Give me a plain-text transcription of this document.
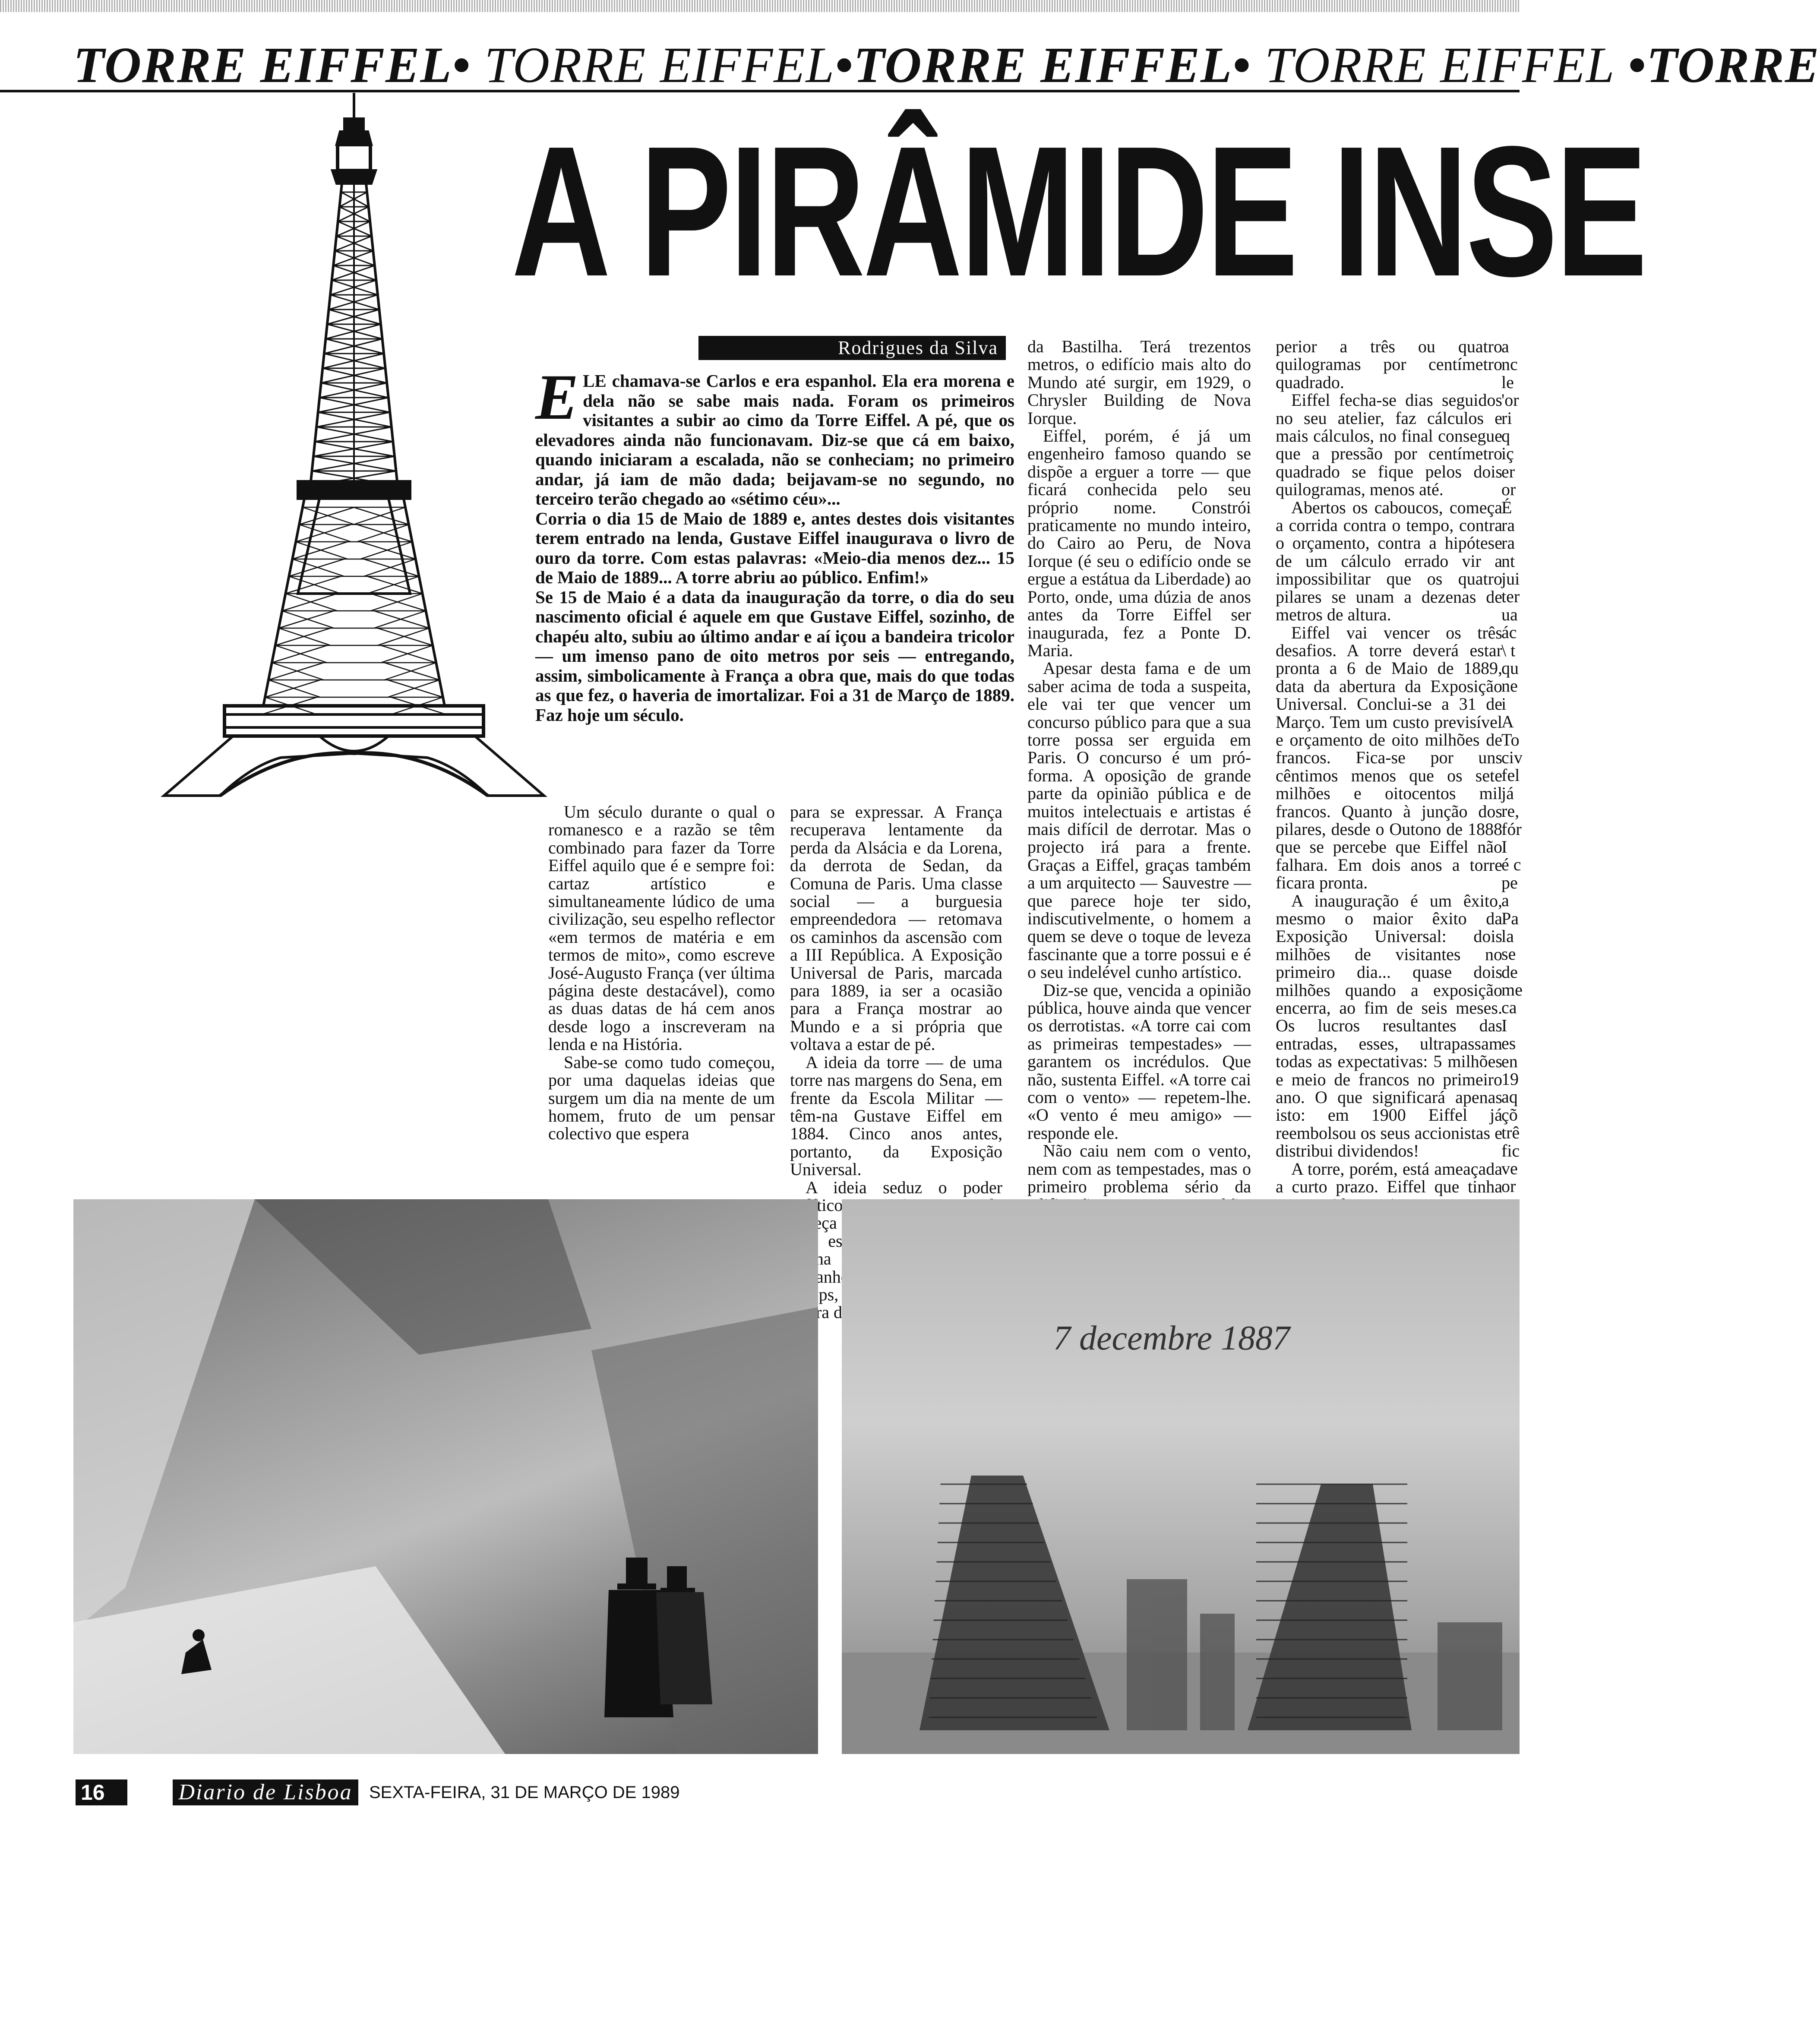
TORRE EIFFEL• TORRE EIFFEL•TORRE EIFFEL• TORRE EIFFEL •TORRE
A PIRÂMIDE INSE
Rodrigues da Silva
E LE chamava-se Carlos e era espanhol. Ela era morena e dela não se sabe mais nada. Foram os primeiros visitantes a subir ao cimo da Torre Eiffel. A pé, que os elevadores ainda não funcionavam. Diz-se que cá em baixo, quando iniciaram a escalada, não se conheciam; no primeiro andar, já iam de mão dada; beijavam-se no segundo, no terceiro terão chegado ao «sétimo céu»...

Corria o dia 15 de Maio de 1889 e, antes destes dois visitantes terem entrado na lenda, Gustave Eiffel inaugurava o livro de ouro da torre. Com estas palavras: «Meio-dia menos dez... 15 de Maio de 1889... A torre abriu ao público. Enfim!»

Se 15 de Maio é a data da inauguração da torre, o dia do seu nascimento oficial é aquele em que Gustave Eiffel, sozinho, de chapéu alto, subiu ao último andar e aí içou a bandeira tricolor — um imenso pano de oito metros por seis — entregando, assim, simbolicamente à França a obra que, mais do que todas as que fez, o haveria de imortalizar. Foi a 31 de Março de 1889. Faz hoje um século.

Um século durante o qual o romanesco e a razão se têm combinado para fazer da Torre Eiffel aquilo que é e sempre foi: cartaz artístico e simultaneamente lúdico de uma civilização, seu espelho reflector «em termos de matéria e em termos de mito», como escreve José-Augusto França (ver última página deste destacável), como as duas datas de há cem anos desde logo a inscreveram na lenda e na História.

Sabe-se como tudo começou, por uma daquelas ideias que surgem um dia na mente de um homem, fruto de um pensar colectivo que espera

para se expressar. A França recuperava lentamente da perda da Alsácia e da Lorena, da derrota de Sedan, da Comuna de Paris. Uma classe social — a burguesia empreendedora — retomava os caminhos da ascensão com a III República. A Exposição Universal de Paris, marcada para 1889, ia ser a ocasião para a França mostrar ao Mundo e a si própria que voltava a estar de pé.

A ideia da torre — de uma torre nas margens do Sena, em frente da Escola Militar — têm-na Gustave Eiffel em 1884. Cinco anos antes, portanto, da Exposição Universal.

A ideia seduz o poder político, tamanho

da Bastilha. Terá trezentos metros, o edifício mais alto do Mundo até surgir, em 1929, o Chrysler Building de Nova Iorque.

Eiffel, porém, é já um engenheiro famoso quando se dispõe a erguer a torre — que ficará conhecida pelo seu próprio nome. Constrói praticamente no mundo inteiro, do Cairo ao Peru, de Nova Iorque (é seu o edifício onde se ergue a estátua da Liberdade) ao Porto, onde, uma dúzia de anos antes da Torre Eiffel ser inaugurada, fez a Ponte D. Maria.

Apesar desta fama e de um saber acima de toda a suspeita, ele vai ter que vencer um concurso público para que a sua torre possa ser erguida em Paris. O concurso é um pró-forma. A oposição de grande parte da opinião pública e de muitos intelectuais e artistas é mais difícil de derrotar. Mas o projecto irá para a frente. Graças a Eiffel, graças também a um arquitecto — Sauvestre — que parece hoje ter sido, indiscutivelmente, o homem a quem se deve o toque de leveza fascinante que a torre possui e é o seu indelével cunho artístico.

Diz-se que, vencida a opinião pública, houve ainda que vencer os derrotistas. «A torre cai com as primeiras tempestades» — garantem os incrédulos. Que não, sustenta Eiffel. «A torre cai com o vento» — repetem-lhe. «O vento é meu amigo» — responde ele.

Não caiu nem com o vento, nem com as tempestades, mas o primeiro problema sério da

perior a três ou quatro quilogramas por centímetro quadrado.

Eiffel fecha-se dias seguidos no seu atelier, faz cálculos e mais cálculos, no final consegue que a pressão por centímetro quadrado se fique pelos dois quilogramas, menos até.

Abertos os caboucos, começa a corrida contra o tempo, contra o orçamento, contra a hipótese de um cálculo errado vir a impossibilitar que os quatro pilares se unam a dezenas de metros de altura.

Eiffel vai vencer os três desafios. A torre deverá estar pronta a 6 de Maio de 1889, data da abertura da Exposição Universal. Conclui-se a 31 de Março. Tem um custo previsível e orçamento de oito milhões de francos. Fica-se por uns cêntimos menos que os sete milhões e oitocentos mil francos. Quanto à junção dos pilares, desde o Outono de 1888 que se percebe que Eiffel não falhara. Em dois anos a torre ficara pronta.

A inauguração é um êxito, mesmo o maior êxito da Exposição Universal: dois milhões de visitantes no primeiro dia... quase dois milhões quando a exposição encerra, ao fim de seis meses. Os lucros resultantes das entradas, esses, ultrapassam todas as expectativas: 5 milhões e meio de francos no primeiro ano. O que significará apenas isto: em 1900 Eiffel já reembolsou os seus accionistas e distribui dividendos!

A torre, porém, está ameaçada a curto prazo. Eiffel que tinha

a
nc
le
'or
ri
q
iç
er
or
É
ra
ra
nt
jui
ter
ua
ác
\ t
qu
ne
i
A
To
civ
fel
já
re,
fór
I
é c
pe
a
Pa
la
se
de
me
ca
I
es
en
19
aq
çõ
trê
fic
ve
or
7 decembre 1887
16	Diario de Lisboa SEXTA-FEIRA, 31 DE MARÇO DE 1989
